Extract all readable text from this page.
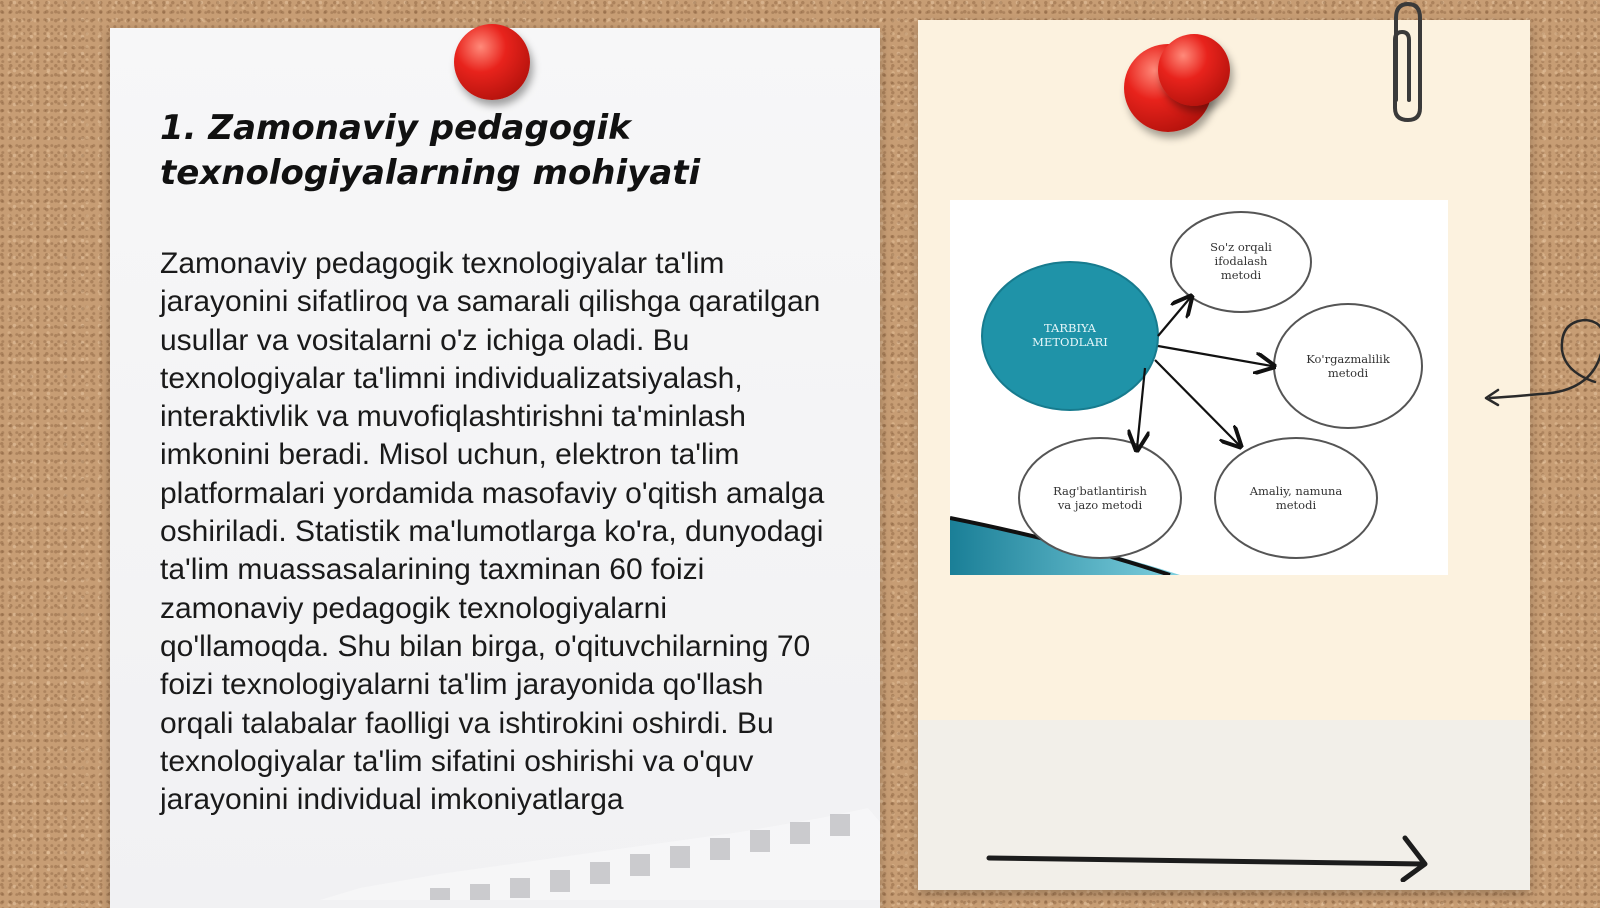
1. Zamonaviy pedagogik texnologiyalarning mohiyati

Zamonaviy pedagogik texnologiyalar ta'lim jarayonini sifatliroq va samarali qilishga qaratilgan usullar va vositalarni o'z ichiga oladi. Bu texnologiyalar ta'limni individualizatsiyalash, interaktivlik va muvofiqlashtirishni ta'minlash imkonini beradi. Misol uchun, elektron ta'lim platformalari yordamida masofaviy o'qitish amalga oshiriladi. Statistik ma'lumotlarga ko'ra, dunyodagi ta'lim muassasalarining taxminan 60 foizi zamonaviy pedagogik texnologiyalarni qo'llamoqda. Shu bilan birga, o'qituvchilarning 70 foizi texnologiyalarni ta'lim jarayonida qo'llash orqali talabalar faolligi va ishtirokini oshirdi. Bu texnologiyalar ta'lim sifatini oshirishi va o'quv jarayonini individual imkoniyatlarga

TARBIYA
METODLARI
So'z orqali
ifodalash
metodi
Ko'rgazmalilik
metodi
Rag'batlantirish
va jazo metodi
Amaliy, namuna
metodi
